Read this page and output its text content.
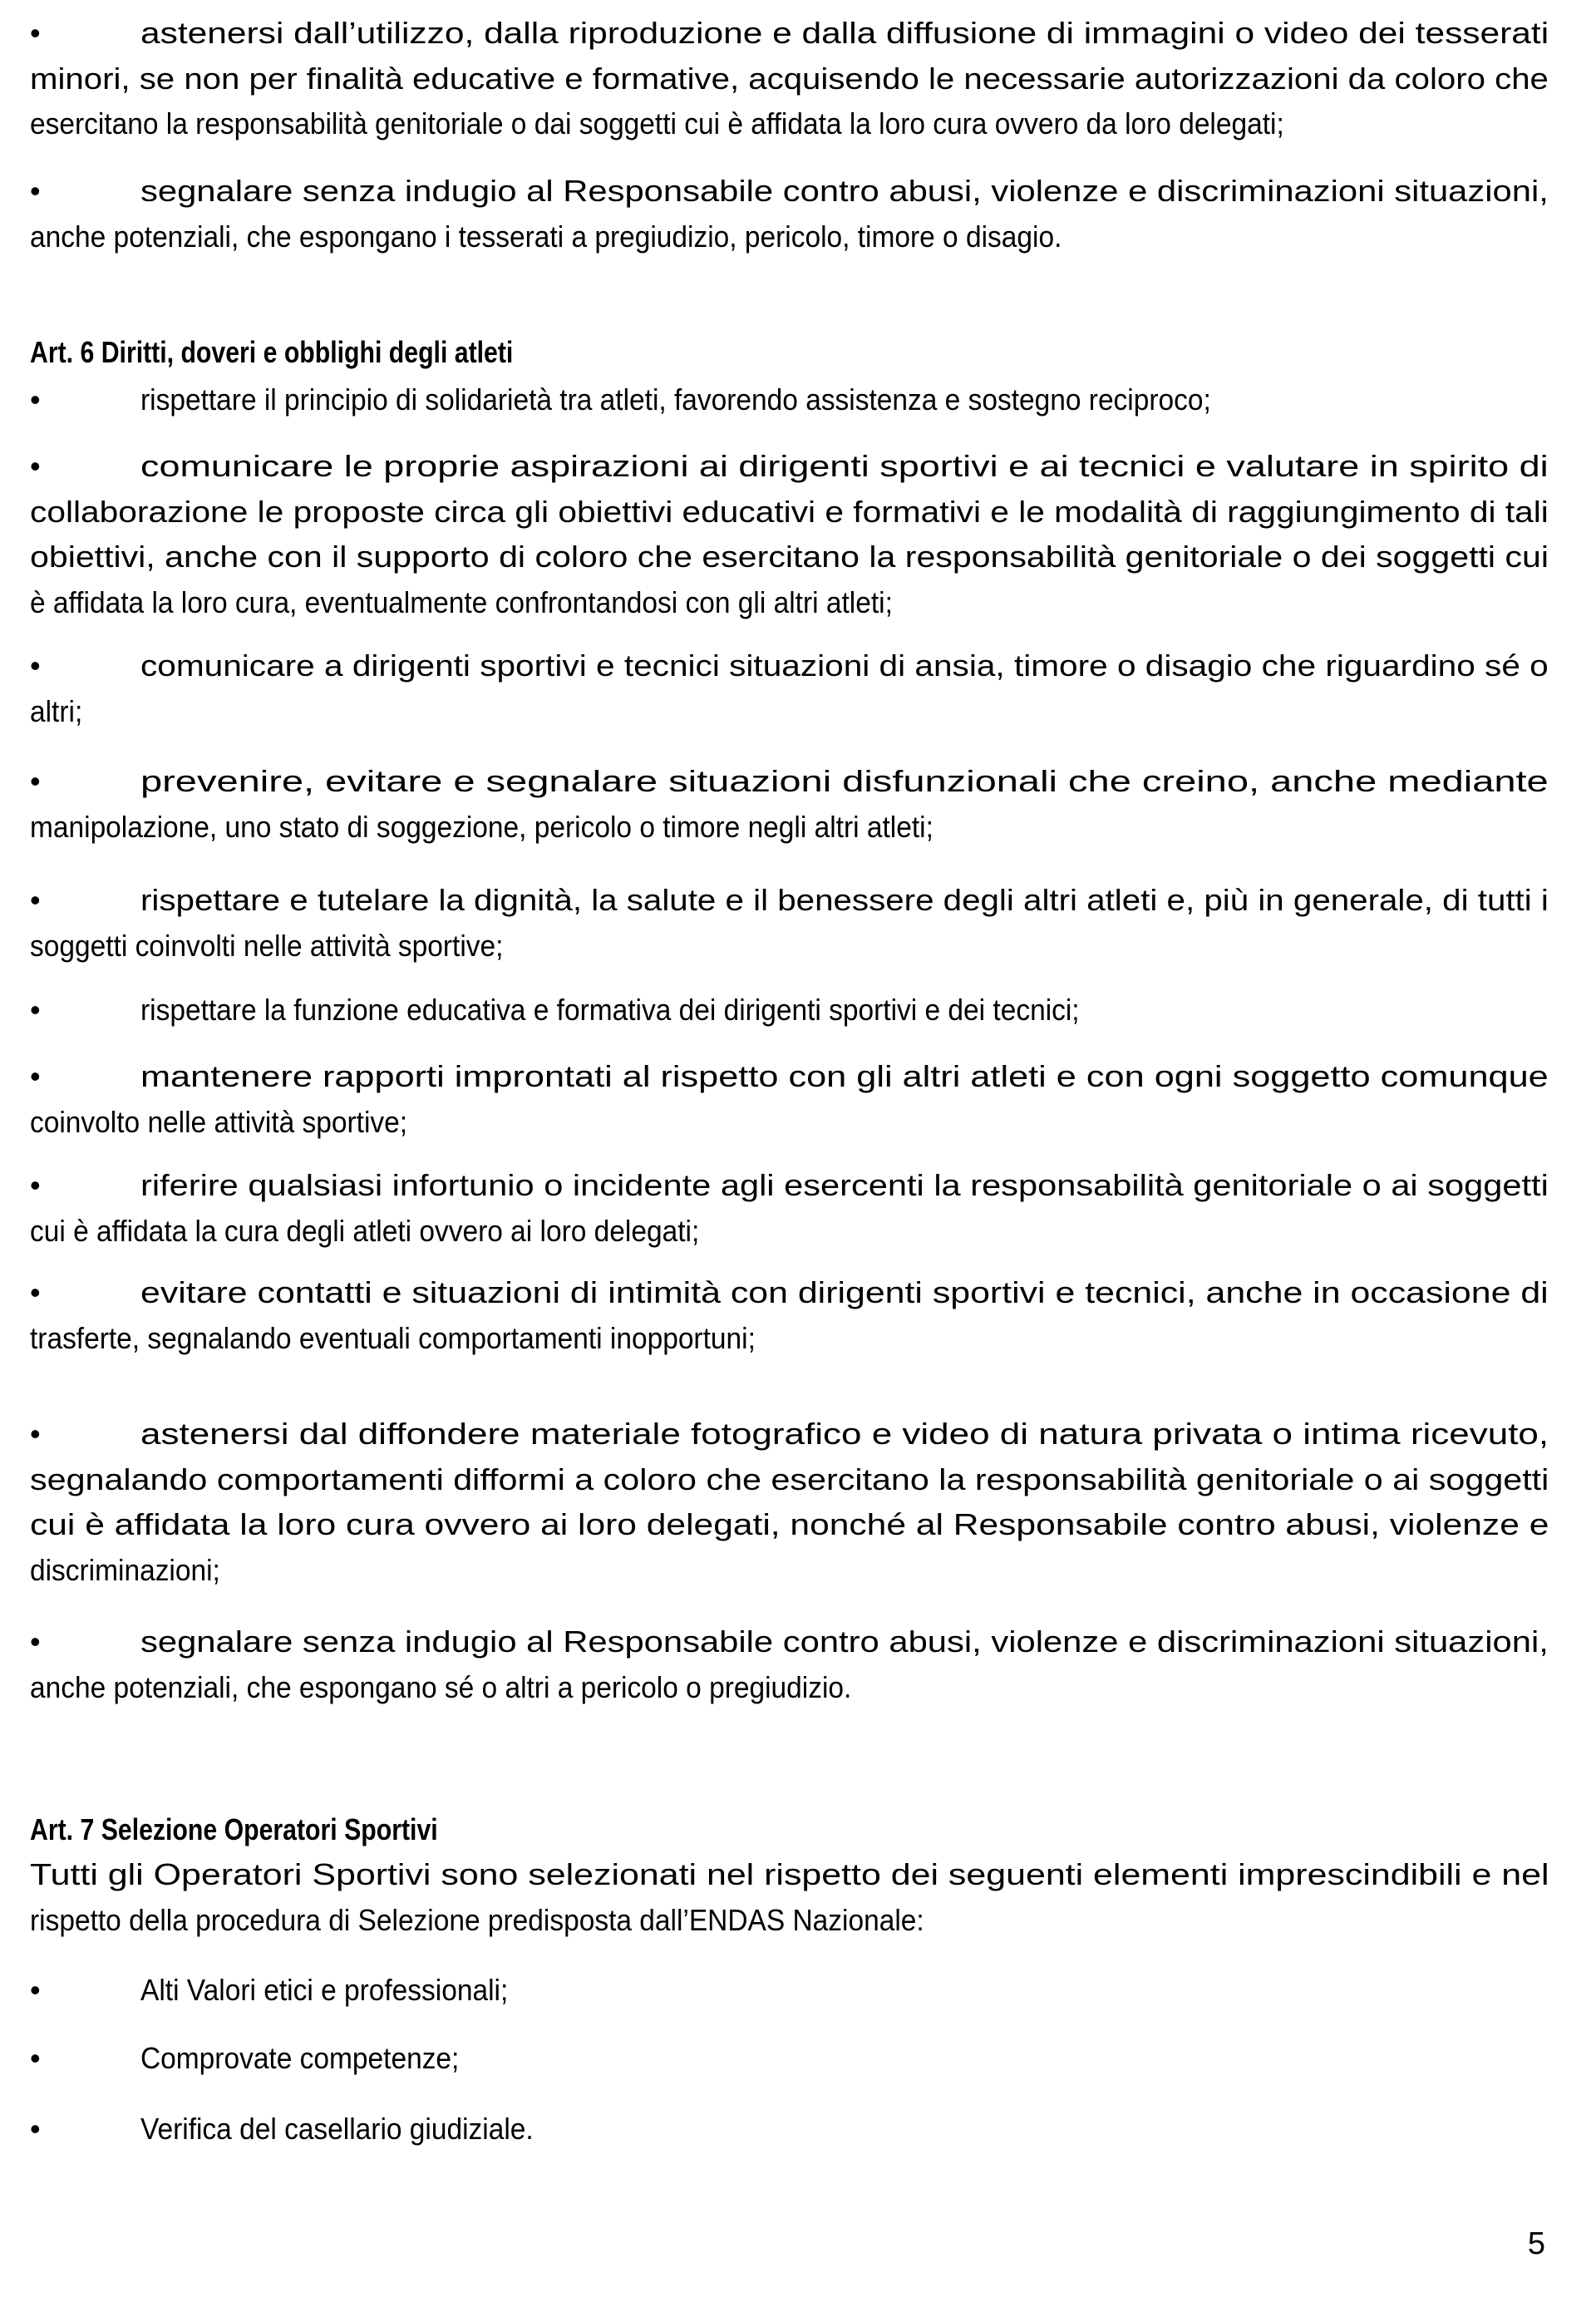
•	astenersi dall’utilizzo, dalla riproduzione e dalla diffusione di immagini o video dei tesserati
minori, se non per finalità educative e formative, acquisendo le necessarie autorizzazioni da coloro che
esercitano la responsabilità genitoriale o dai soggetti cui è affidata la loro cura ovvero da loro delegati;
•	segnalare senza indugio al Responsabile contro abusi, violenze e discriminazioni situazioni,
anche potenziali, che espongano i tesserati a pregiudizio, pericolo, timore o disagio.
Art. 6 Diritti, doveri e obblighi degli atleti
•	rispettare il principio di solidarietà tra atleti, favorendo assistenza e sostegno reciproco;
•	comunicare le proprie aspirazioni ai dirigenti sportivi e ai tecnici e valutare in spirito di
collaborazione le proposte circa gli obiettivi educativi e formativi e le modalità di raggiungimento di tali
obiettivi, anche con il supporto di coloro che esercitano la responsabilità genitoriale o dei soggetti cui
è affidata la loro cura, eventualmente confrontandosi con gli altri atleti;
•	comunicare a dirigenti sportivi e tecnici situazioni di ansia, timore o disagio che riguardino sé o
altri;
•	prevenire, evitare e segnalare situazioni disfunzionali che creino, anche mediante
manipolazione, uno stato di soggezione, pericolo o timore negli altri atleti;
•	rispettare e tutelare la dignità, la salute e il benessere degli altri atleti e, più in generale, di tutti i
soggetti coinvolti nelle attività sportive;
•	rispettare la funzione educativa e formativa dei dirigenti sportivi e dei tecnici;
•	mantenere rapporti improntati al rispetto con gli altri atleti e con ogni soggetto comunque
coinvolto nelle attività sportive;
•	riferire qualsiasi infortunio o incidente agli esercenti la responsabilità genitoriale o ai soggetti
cui è affidata la cura degli atleti ovvero ai loro delegati;
•	evitare contatti e situazioni di intimità con dirigenti sportivi e tecnici, anche in occasione di
trasferte, segnalando eventuali comportamenti inopportuni;
•	astenersi dal diffondere materiale fotografico e video di natura privata o intima ricevuto,
segnalando comportamenti difformi a coloro che esercitano la responsabilità genitoriale o ai soggetti
cui è affidata la loro cura ovvero ai loro delegati, nonché al Responsabile contro abusi, violenze e
discriminazioni;
•	segnalare senza indugio al Responsabile contro abusi, violenze e discriminazioni situazioni,
anche potenziali, che espongano sé o altri a pericolo o pregiudizio.
Art. 7 Selezione Operatori Sportivi
Tutti gli Operatori Sportivi sono selezionati nel rispetto dei seguenti elementi imprescindibili e nel
rispetto della procedura di Selezione predisposta dall’ENDAS Nazionale:
•	Alti Valori etici e professionali;
•	Comprovate competenze;
•	Verifica del casellario giudiziale.
5
